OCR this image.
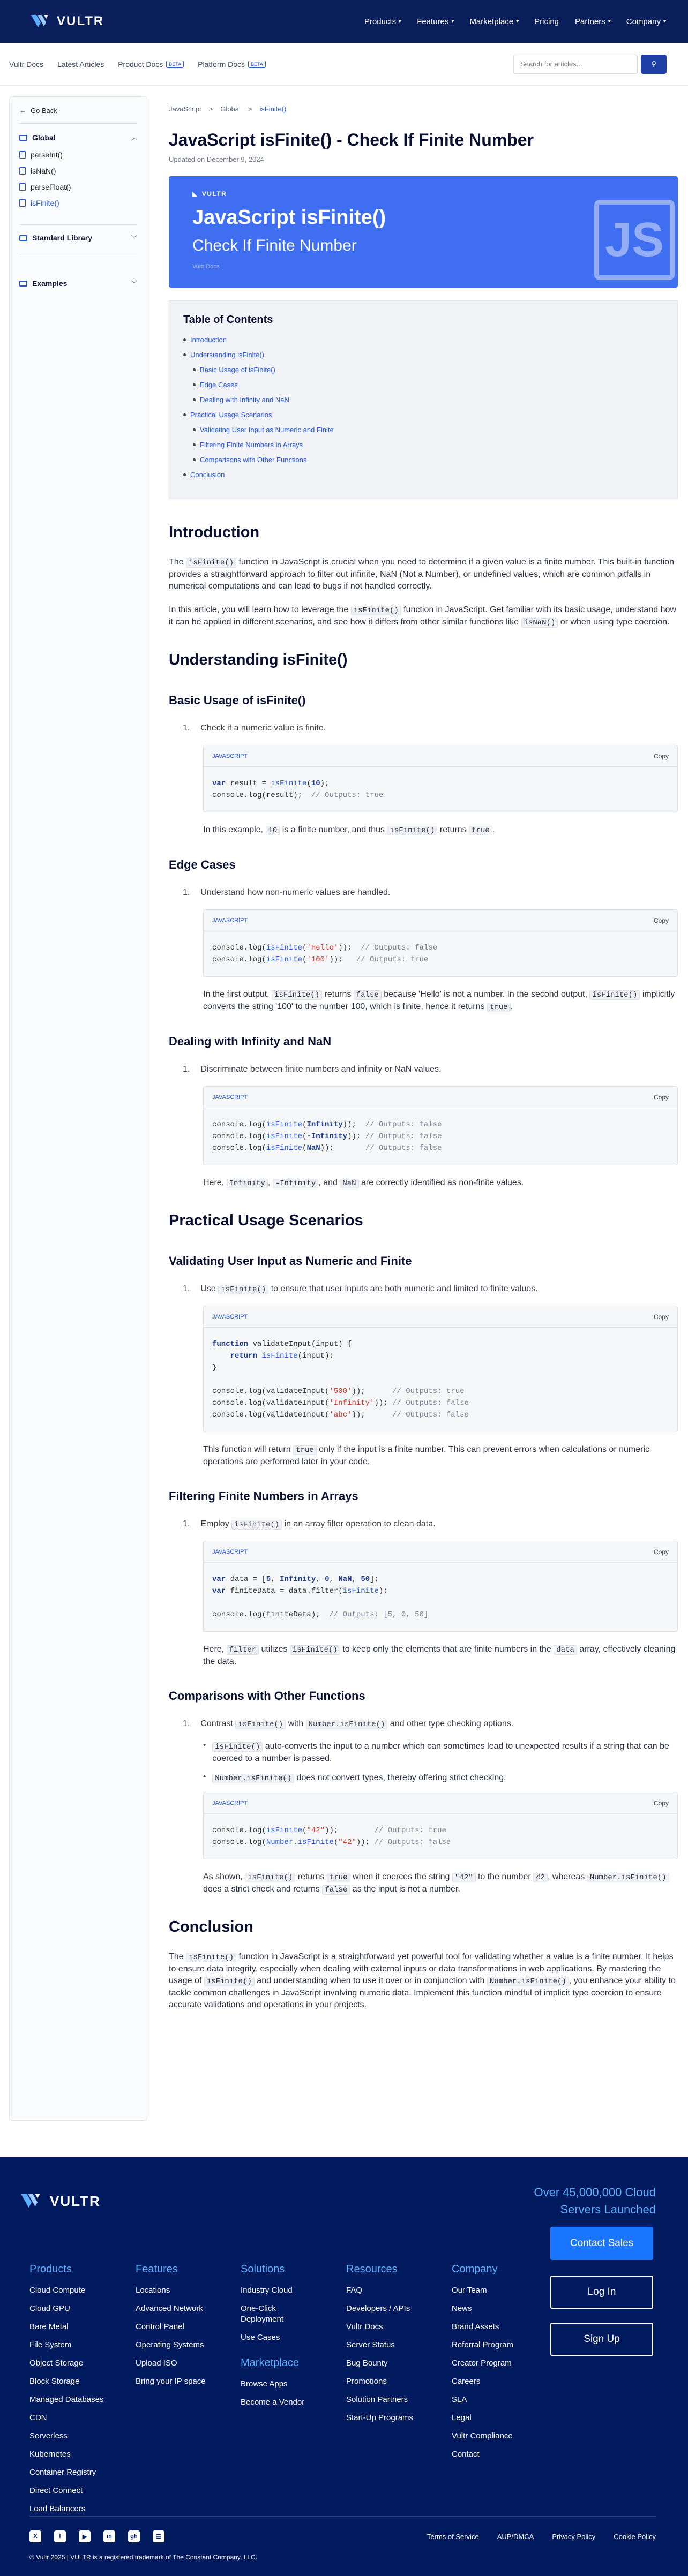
VULTR	Products ▾ Features ▾ Marketplace ▾ Pricing Partners ▾ Company ▾
Vultr Docs Latest Articles Product Docs	BETA	Platform Docs	BETA
Search for articles...	⚲
← Go Back
Global	︿
parseInt()
isNaN()
parseFloat()
isFinite()
Standard Library	﹀
Examples	﹀
JavaScript > Global > isFinite()
JavaScript isFinite() - Check If Finite Number
Updated on December 9, 2024
◣ VULTR
JavaScript isFinite()
Check If Finite Number
Vultr Docs
JS
Table of Contents
Introduction
Understanding isFinite()
Basic Usage of isFinite()
Edge Cases
Dealing with Infinity and NaN
Practical Usage Scenarios
Validating User Input as Numeric and Finite
Filtering Finite Numbers in Arrays
Comparisons with Other Functions
Conclusion
Introduction

The isFinite() function in JavaScript is crucial when you need to determine if a given value is a finite number. This built-in function provides a straightforward approach to filter out infinite, NaN (Not a Number), or undefined values, which are common pitfalls in numerical computations and can lead to bugs if not handled correctly.

In this article, you will learn how to leverage the isFinite() function in JavaScript. Get familiar with its basic usage, understand how it can be applied in different scenarios, and see how it differs from other similar functions like isNaN() or when using type coercion.

Understanding isFinite()
Basic Usage of isFinite()
1. Check if a numeric value is finite.
JAVASCRIPT	Copy
var result = isFinite(10);
console.log(result);  // Outputs: true

In this example, 10 is a finite number, and thus isFinite() returns true .

Edge Cases
1. Understand how non-numeric values are handled.
JAVASCRIPT	Copy
console.log(isFinite('Hello'));  // Outputs: false
console.log(isFinite('100'));   // Outputs: true

In the first output, isFinite() returns false because 'Hello' is not a number. In the second output, isFinite() implicitly converts the string '100' to the number 100, which is finite, hence it returns true .

Dealing with Infinity and NaN
1. Discriminate between finite numbers and infinity or NaN values.
JAVASCRIPT	Copy
console.log(isFinite(Infinity));  // Outputs: false
console.log(isFinite(-Infinity)); // Outputs: false
console.log(isFinite(NaN));       // Outputs: false

Here, Infinity , -Infinity , and NaN are correctly identified as non-finite values.

Practical Usage Scenarios
Validating User Input as Numeric and Finite
1. Use isFinite() to ensure that user inputs are both numeric and limited to finite values.
JAVASCRIPT	Copy
function validateInput(input) {
return isFinite(input);
}

console.log(validateInput('500'));      // Outputs: true
console.log(validateInput('Infinity')); // Outputs: false
console.log(validateInput('abc'));      // Outputs: false

This function will return true only if the input is a finite number. This can prevent errors when calculations or numeric operations are performed later in your code.

Filtering Finite Numbers in Arrays
1. Employ isFinite() in an array filter operation to clean data.
JAVASCRIPT	Copy
var data = [5, Infinity, 0, NaN, 50];
var finiteData = data.filter(isFinite);

console.log(finiteData);  // Outputs: [5, 0, 50]

Here, filter utilizes isFinite() to keep only the elements that are finite numbers in the data array, effectively cleaning the data.

Comparisons with Other Functions
1. Contrast isFinite() with Number.isFinite() and other type checking options.
•	isFinite() auto-converts the input to a number which can sometimes lead to unexpected results if a string that can be coerced to a number is passed.

•	Number.isFinite() does not convert types, thereby offering strict checking.

JAVASCRIPT	Copy
console.log(isFinite("42"));        // Outputs: true
console.log(Number.isFinite("42")); // Outputs: false

As shown, isFinite() returns true when it coerces the string "42" to the number 42 , whereas Number.isFinite() does a strict check and returns false as the input is not a number.

Conclusion

The isFinite() function in JavaScript is a straightforward yet powerful tool for validating whether a value is a finite number. It helps to ensure data integrity, especially when dealing with external inputs or data transformations in web applications. By mastering the usage of isFinite() and understanding when to use it over or in conjunction with Number.isFinite() , you enhance your ability to tackle common challenges in JavaScript involving numeric data. Implement this function mindful of implicit type coercion to ensure accurate validations and operations in your projects.

VULTR
Over 45,000,000 Cloud Servers Launched
Products
Cloud Compute
Cloud GPU
Bare Metal
File System
Object Storage
Block Storage
Managed Databases
CDN
Serverless
Kubernetes
Container Registry
Direct Connect
Load Balancers
Features
Locations
Advanced Network
Control Panel
Operating Systems
Upload ISO
Bring your IP space
Solutions
Industry Cloud
One-Click Deployment
Use Cases
Marketplace
Browse Apps
Become a Vendor
Resources
FAQ
Developers / APIs
Vultr Docs
Server Status
Bug Bounty
Promotions
Solution Partners
Start-Up Programs
Company
Our Team
News
Brand Assets
Referral Program
Creator Program
Careers
SLA
Legal
Vultr Compliance
Contact
Contact Sales
Log In
Sign Up
X	f	▶	in	gh	☰	Terms of Service	AUP/DMCA	Privacy Policy	Cookie Policy
© Vultr 2025 | VULTR is a registered trademark of The Constant Company, LLC.
